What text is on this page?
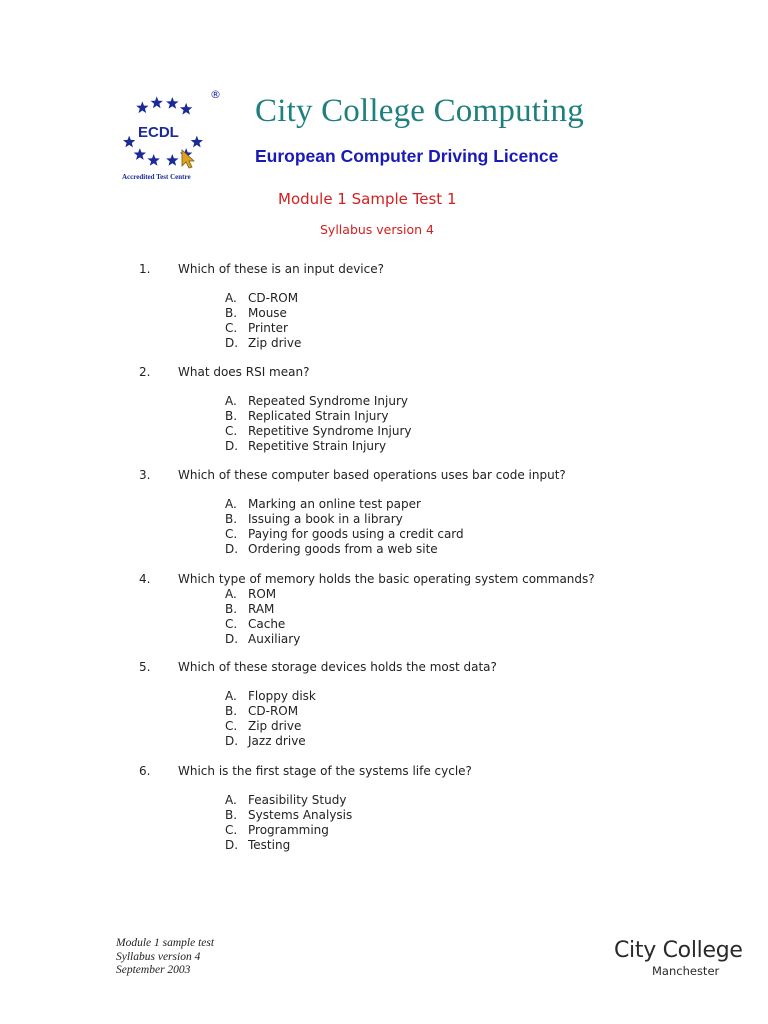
®
ECDL
Accredited Test Centre
City College Computing
European Computer Driving Licence
Module 1 Sample Test 1
Syllabus version 4
1. Which of these is an input device?
A. CD-ROM
B. Mouse
C. Printer
D. Zip drive
2. What does RSI mean?
A. Repeated Syndrome Injury
B. Replicated Strain Injury
C. Repetitive Syndrome Injury
D. Repetitive Strain Injury
3. Which of these computer based operations uses bar code input?
A. Marking an online test paper
B. Issuing a book in a library
C. Paying for goods using a credit card
D. Ordering goods from a web site
4. Which type of memory holds the basic operating system commands?
A. ROM
B. RAM
C. Cache
D. Auxiliary
5. Which of these storage devices holds the most data?
A. Floppy disk
B. CD-ROM
C. Zip drive
D. Jazz drive
6. Which is the first stage of the systems life cycle?
A. Feasibility Study
B. Systems Analysis
C. Programming
D. Testing
Module 1 sample test
Syllabus version 4
September 2003
City College
Manchester
